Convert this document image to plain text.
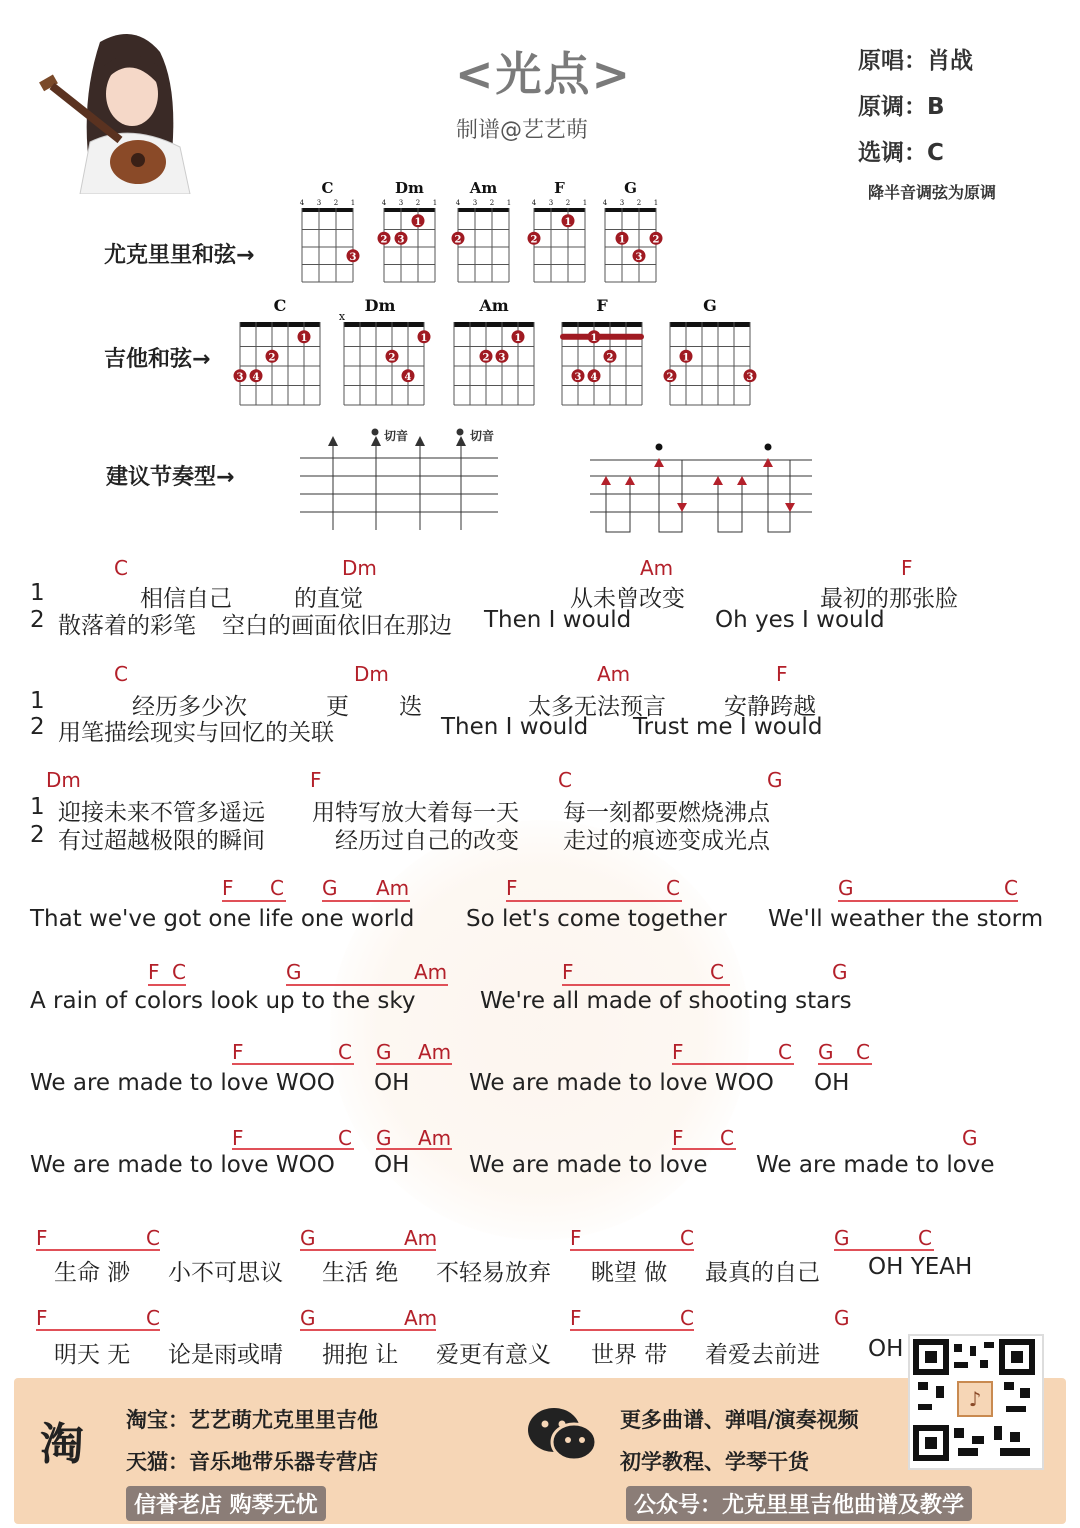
<光点>
制谱@艺艺萌
原唱：肖战
原调：B
选调：C
降半音调弦为原调
尤克里里和弦→
吉他和弦→
建议节奏型→
C
4 3 2 1
3
Dm
4 3 2 1
1
2 3
Am
4 3 2 1
2
F
4 3 2 1
1
2
G
4 3 2 1
1	2
3
C
1
2
3 4
Dm
1
2
4
Am
1
2 3
F
1
2
3 4
G
1
2	3
x
切音	切音
C	Dm	Am	F
1	相信自己	的直觉	从未曾改变	最初的那张脸
2 散落着的彩笔 空白的画面依旧在那边 Then I would	Oh yes I would
C	Dm	Am	F
1	经历多少次	更 迭	太多无法预言	安静跨越
2 用笔描绘现实与回忆的关联	Then I would Trust me I would
Dm	F	C	G
1 迎接未来不管多遥远 用特写放大着每一天 每一刻都要燃烧沸点
2 有过超越极限的瞬间	经历过自己的改变 走过的痕迹变成光点
F C G Am	F	C	G	C
That we've got one life one world So let's come together We'll weather the storm
F C	G	Am	F	C	G
A rain of colors look up to the sky	We're all made of shooting stars
F	C G Am	F	C G C
We are made to love WOO OH	We are made to love WOO OH
F	C G Am	F C	G
We are made to love WOO OH	We are made to love We are made to love
F	C	G	Am	F	C	G	C
生命 渺 小不可思议 生活 绝 不轻易放弃 眺望 做 最真的自己 OH YEAH
F	C	G	Am	F	C	G
明天 无 论是雨或晴 拥抱 让 爱更有意义 世界 带 着爱去前进 OH
淘	淘宝：艺艺萌尤克里里吉他
天猫：音乐地带乐器专营店
信誉老店 购琴无忧
更多曲谱、弹唱/演奏视频
初学教程、学琴干货
公众号：尤克里里吉他曲谱及教学
♪
